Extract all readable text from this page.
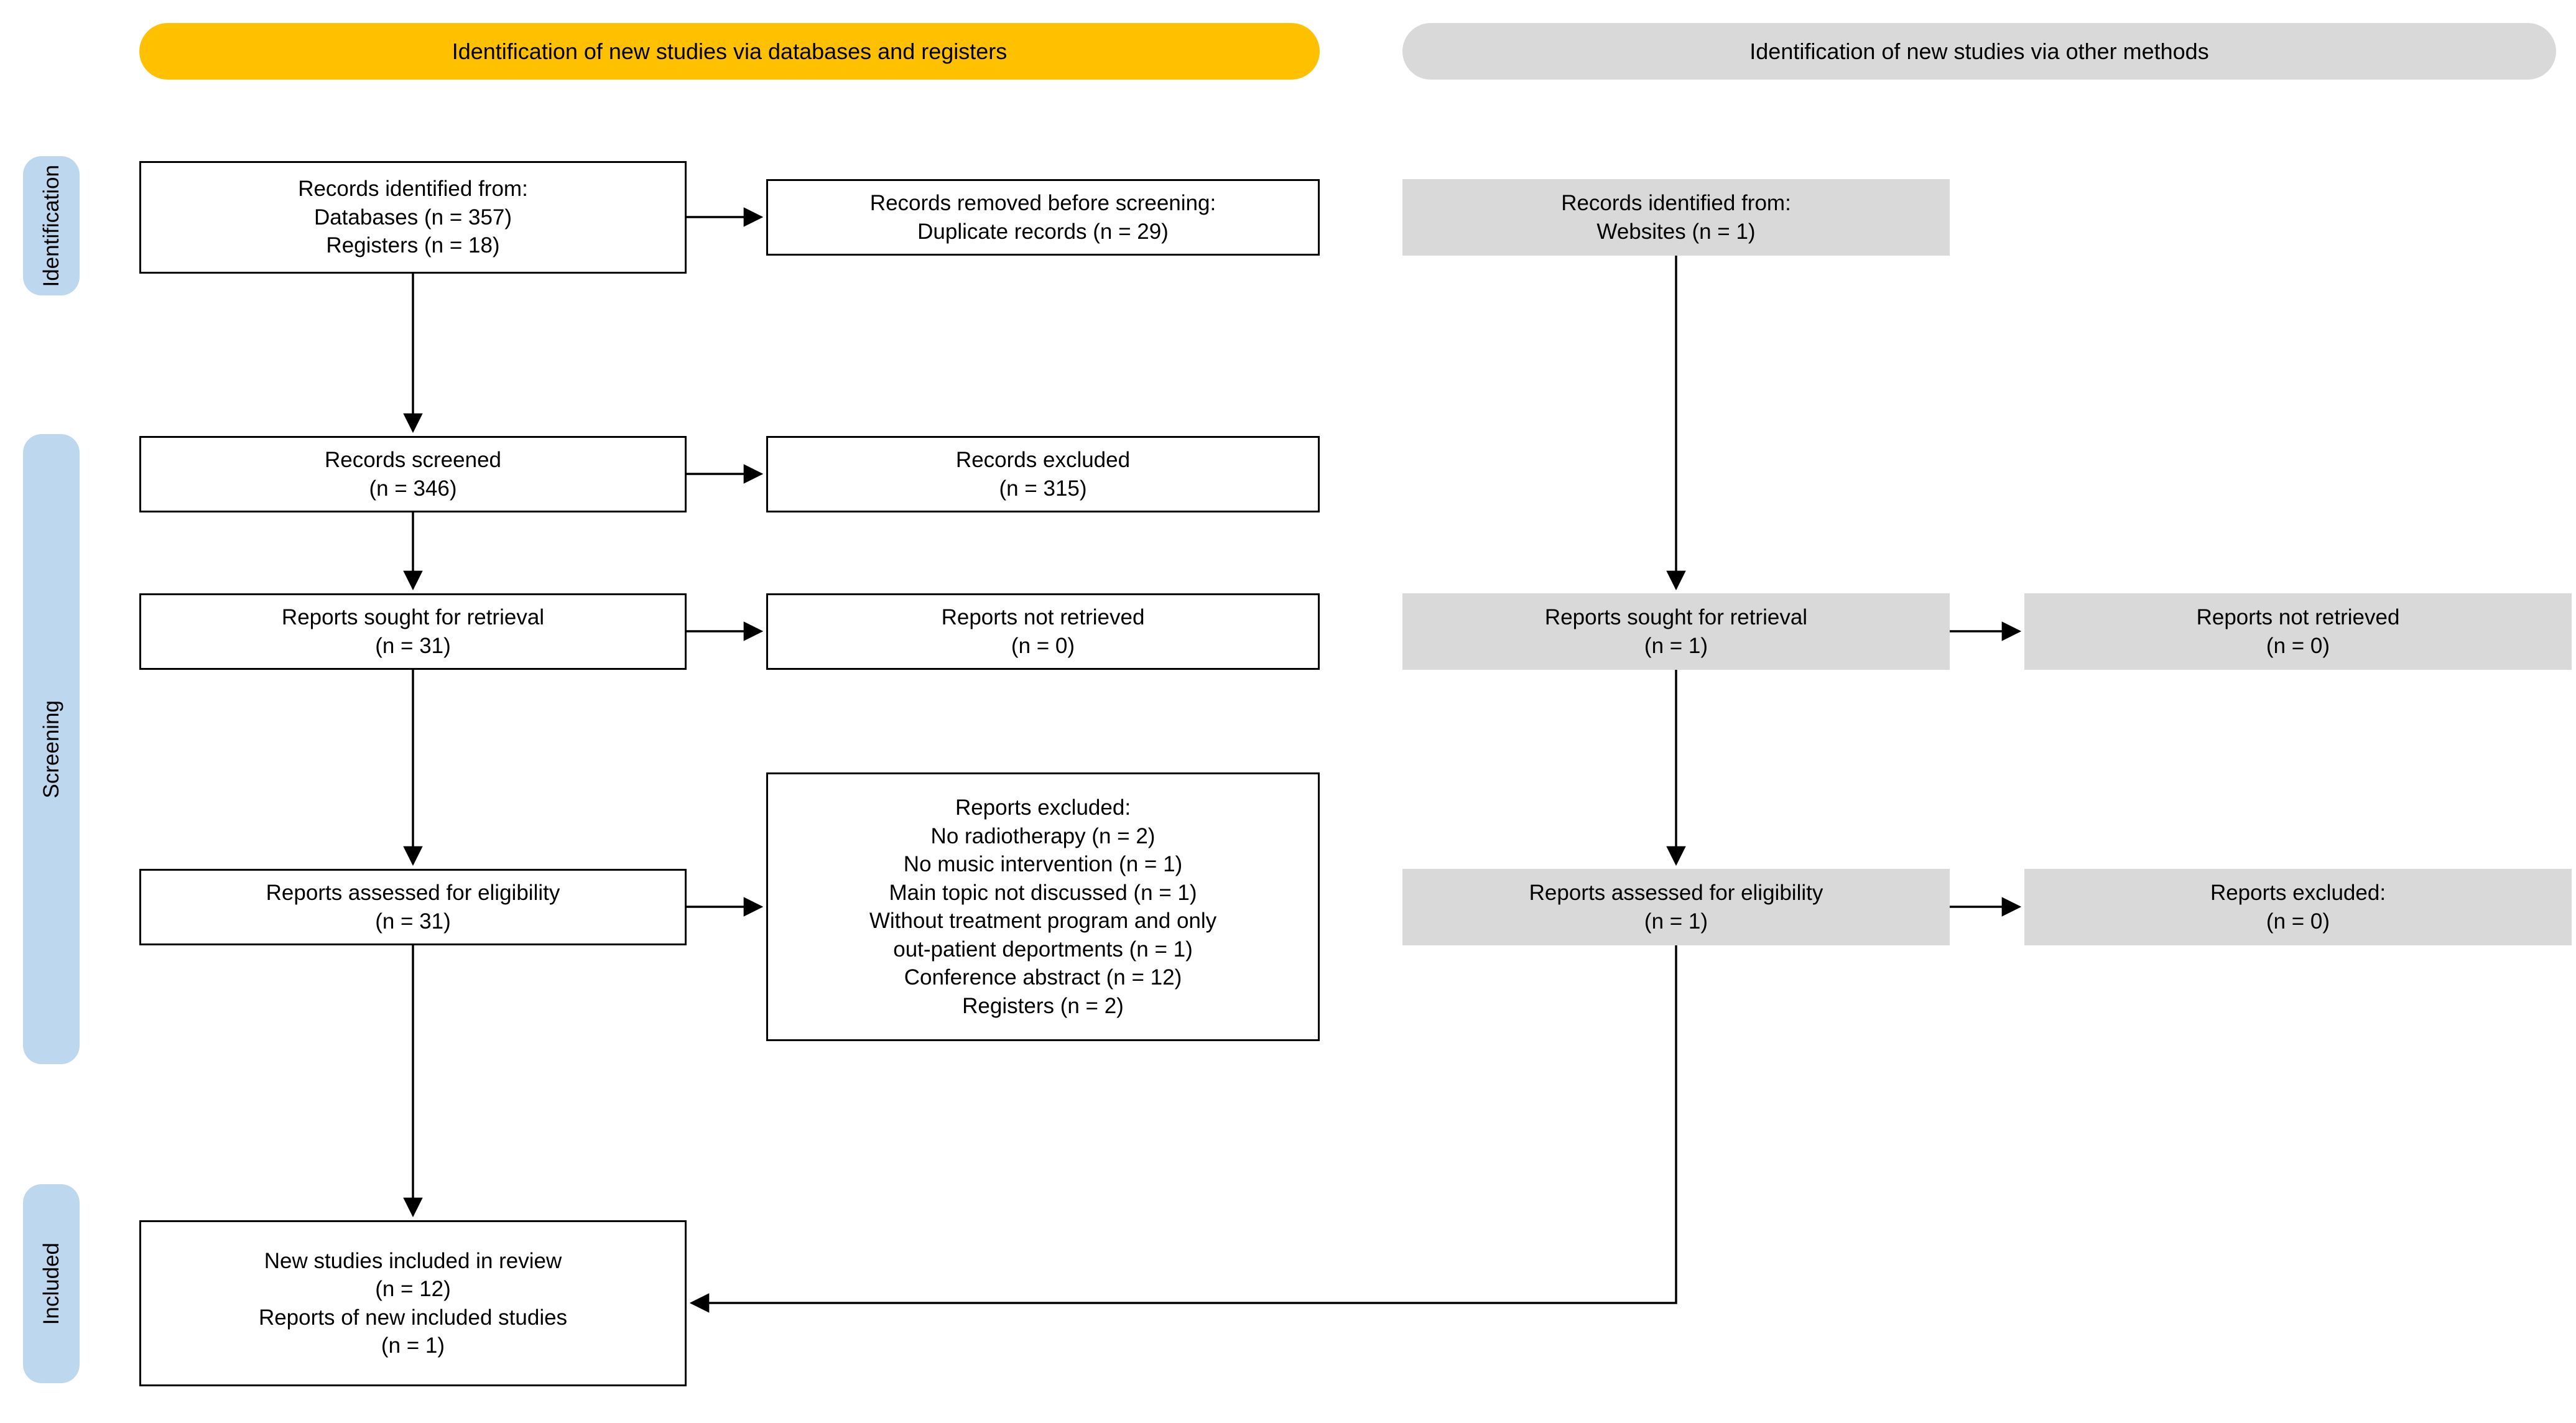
Identification of new studies via databases and registers	Identification of new studies via other methods
Identification
Screening
Included
Records identified from:
Databases (n = 357)
Registers (n = 18)
Records removed before screening:
Duplicate records (n = 29)
Records screened
(n = 346)
Records excluded
(n = 315)
Reports sought for retrieval
(n = 31)
Reports not retrieved
(n = 0)
Reports assessed for eligibility
(n = 31)
Reports excluded:
No radiotherapy (n = 2)
No music intervention (n = 1)
Main topic not discussed (n = 1)
Without treatment program and only
out-patient deportments (n = 1)
Conference abstract (n = 12)
Registers (n = 2)
New studies included in review
(n = 12)
Reports of new included studies
(n = 1)
Records identified from:
Websites (n = 1)
Reports sought for retrieval
(n = 1)
Reports not retrieved
(n = 0)
Reports assessed for eligibility
(n = 1)
Reports excluded:
(n = 0)
